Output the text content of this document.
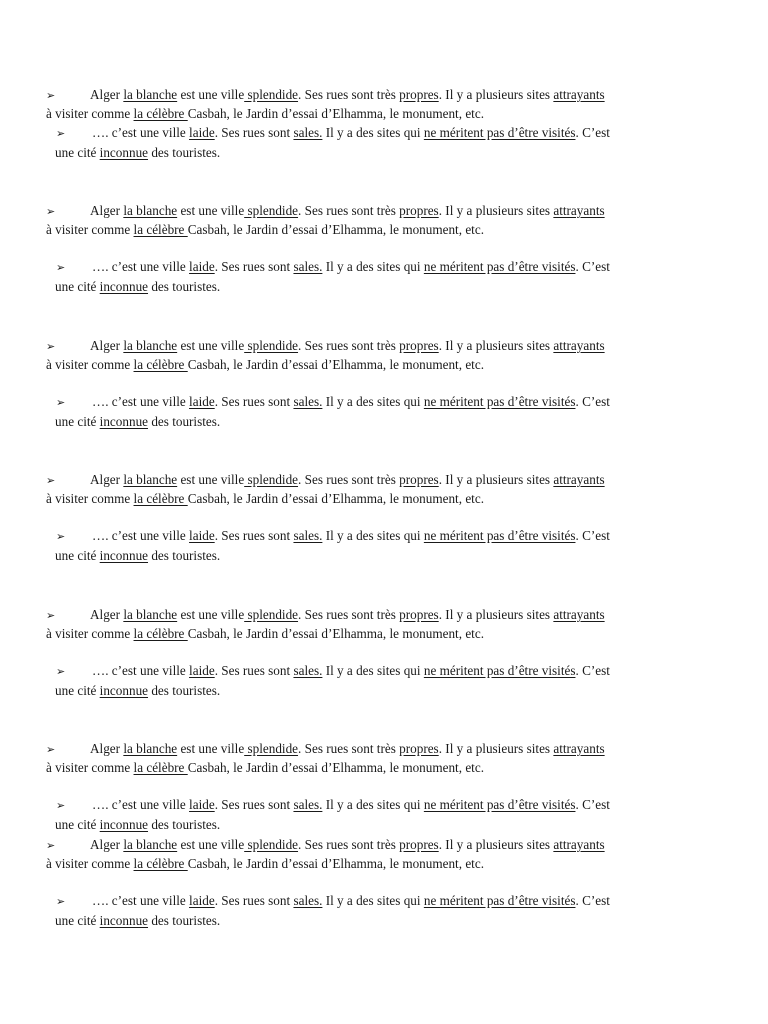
➢	Alger la blanche est une ville splendide. Ses rues sont très propres. Il y a plusieurs sites attrayants
à visiter comme la célèbre Casbah, le Jardin d’essai d’Elhamma, le monument, etc.
➢ …. c’est une ville laide. Ses rues sont sales. Il y a des sites qui ne méritent pas d’être visités. C’est
une cité inconnue des touristes.
➢	Alger la blanche est une ville splendide. Ses rues sont très propres. Il y a plusieurs sites attrayants
à visiter comme la célèbre Casbah, le Jardin d’essai d’Elhamma, le monument, etc.
➢ …. c’est une ville laide. Ses rues sont sales. Il y a des sites qui ne méritent pas d’être visités. C’est
une cité inconnue des touristes.
➢	Alger la blanche est une ville splendide. Ses rues sont très propres. Il y a plusieurs sites attrayants
à visiter comme la célèbre Casbah, le Jardin d’essai d’Elhamma, le monument, etc.
➢ …. c’est une ville laide. Ses rues sont sales. Il y a des sites qui ne méritent pas d’être visités. C’est
une cité inconnue des touristes.
➢	Alger la blanche est une ville splendide. Ses rues sont très propres. Il y a plusieurs sites attrayants
à visiter comme la célèbre Casbah, le Jardin d’essai d’Elhamma, le monument, etc.
➢ …. c’est une ville laide. Ses rues sont sales. Il y a des sites qui ne méritent pas d’être visités. C’est
une cité inconnue des touristes.
➢	Alger la blanche est une ville splendide. Ses rues sont très propres. Il y a plusieurs sites attrayants
à visiter comme la célèbre Casbah, le Jardin d’essai d’Elhamma, le monument, etc.
➢ …. c’est une ville laide. Ses rues sont sales. Il y a des sites qui ne méritent pas d’être visités. C’est
une cité inconnue des touristes.
➢	Alger la blanche est une ville splendide. Ses rues sont très propres. Il y a plusieurs sites attrayants
à visiter comme la célèbre Casbah, le Jardin d’essai d’Elhamma, le monument, etc.
➢ …. c’est une ville laide. Ses rues sont sales. Il y a des sites qui ne méritent pas d’être visités. C’est
une cité inconnue des touristes.
➢	Alger la blanche est une ville splendide. Ses rues sont très propres. Il y a plusieurs sites attrayants
à visiter comme la célèbre Casbah, le Jardin d’essai d’Elhamma, le monument, etc.
➢ …. c’est une ville laide. Ses rues sont sales. Il y a des sites qui ne méritent pas d’être visités. C’est
une cité inconnue des touristes.
